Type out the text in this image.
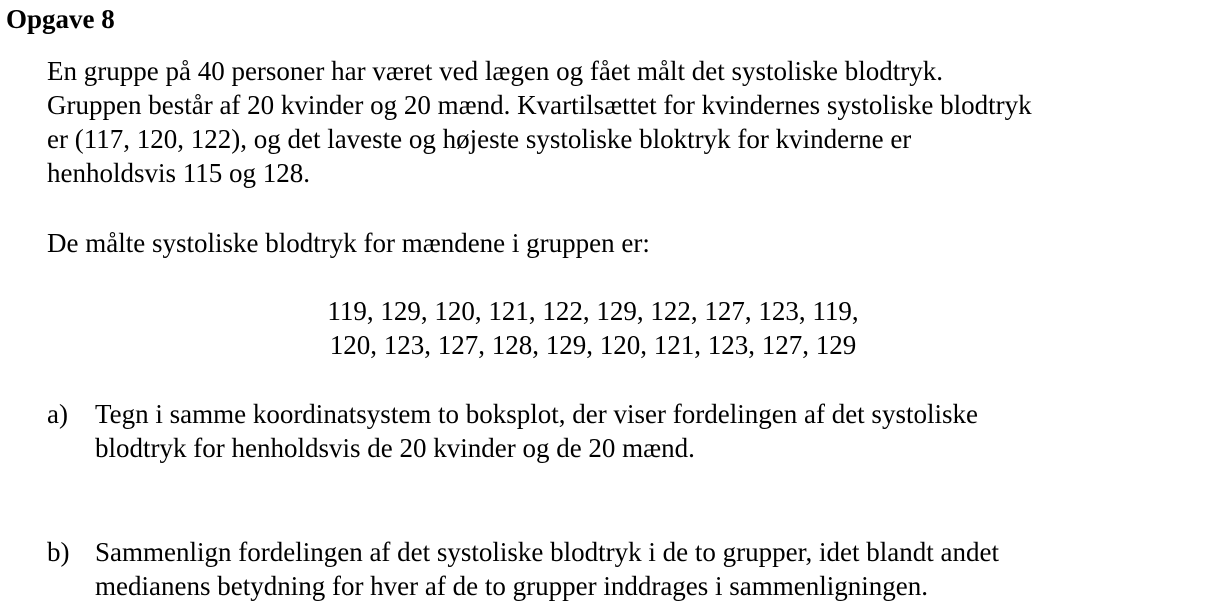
Opgave 8
En gruppe på 40 personer har været ved lægen og fået målt det systoliske blodtryk.
Gruppen består af 20 kvinder og 20 mænd. Kvartilsættet for kvindernes systoliske blodtryk
er (117, 120, 122), og det laveste og højeste systoliske bloktryk for kvinderne er
henholdsvis 115 og 128.
De målte systoliske blodtryk for mændene i gruppen er:
119, 129, 120, 121, 122, 129, 122, 127, 123, 119,
120, 123, 127, 128, 129, 120, 121, 123, 127, 129
a) Tegn i samme koordinatsystem to boksplot, der viser fordelingen af det systoliske
blodtryk for henholdsvis de 20 kvinder og de 20 mænd.
b) Sammenlign fordelingen af det systoliske blodtryk i de to grupper, idet blandt andet
medianens betydning for hver af de to grupper inddrages i sammenligningen.
